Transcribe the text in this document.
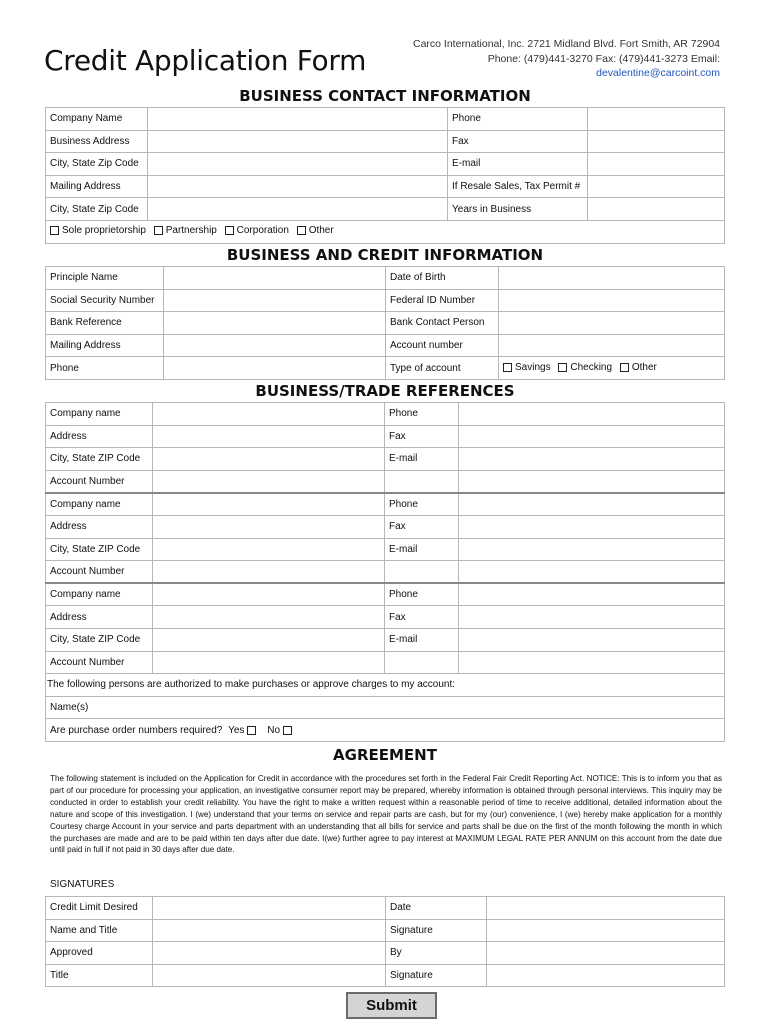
Credit Application Form	Carco International, Inc. 2721 Midland Blvd. Fort Smith, AR 72904
Phone: (479)441-3270 Fax: (479)441-3273 Email:
devalentine@carcoint.com
BUSINESS CONTACT INFORMATION
Company Name		Phone	
Business Address		Fax	
City, State Zip Code		E-mail	
Mailing Address		If Resale Sales, Tax Permit #	
City, State Zip Code		Years in Business	

Sole proprietorship
Partnership
Corporation
Other			
BUSINESS AND CREDIT INFORMATION
Principle Name		Date of Birth	
Social Security Number		Federal ID Number	
Bank Reference		Bank Contact Person	
Mailing Address		Account number	
Phone		Type of account	Savings
Checking
Other
BUSINESS/TRADE REFERENCES
Company name		Phone	
Address		Fax	
City, State ZIP Code		E-mail	
Account Number			
Company name		Phone	
Address		Fax	
City, State ZIP Code		E-mail	
Account Number			
Company name		Phone	
Address		Fax	
City, State ZIP Code		E-mail	
Account Number			
The following persons are authorized to make purchases or approve charges to my account:			
Name(s)			
Are purchase order numbers required? Yes
No			
AGREEMENT
The following statement is included on the Application for Credit in accordance with the procedures set forth in the Federal Fair Credit Reporting Act. NOTICE: This is to inform you that as part of our procedure for processing your application, an investigative consumer report may be prepared, whereby information is obtained through personal interviews. This inquiry may be conducted in order to establish your credit reliability. You have the right to make a written request within a reasonable period of time to receive additional, detailed information about the nature and scope of this investigation. I (we) understand that your terms on service and repair parts are cash, but for my (our) convenience, I (we) hereby make application for a monthly Courtesy charge Account in your service and parts department with an understanding that all bills for service and parts shall be due on the first of the month following the month in which the purchases are made and are to be paid within ten days after due date. I(we) further agree to pay interest at MAXIMUM LEGAL RATE PER ANNUM on this account from the date due until paid in full if not paid in 30 days after due date.
SIGNATURES
Credit Limit Desired		Date	
Name and Title		Signature	
Approved		By	
Title		Signature	
Submit
